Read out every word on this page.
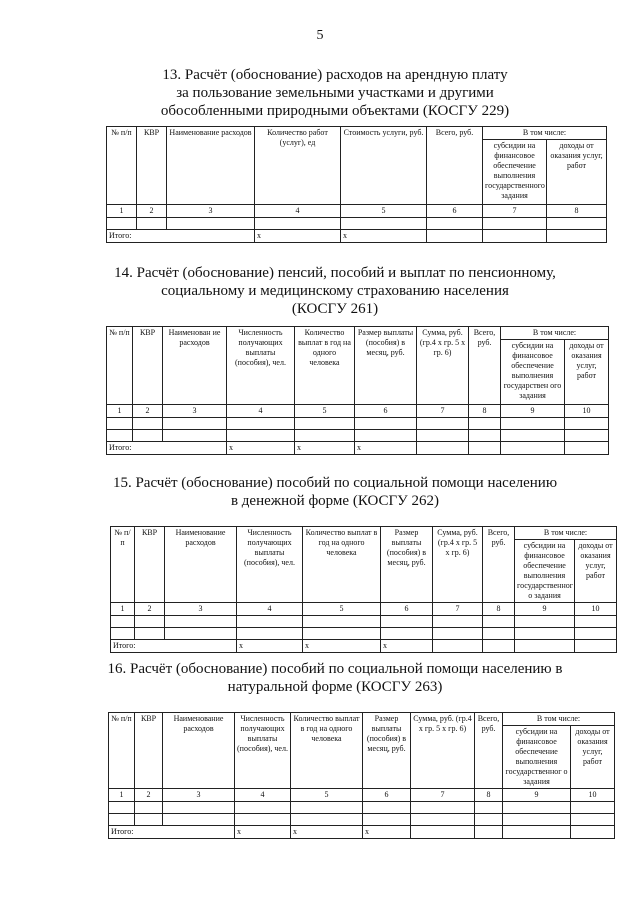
5
13. Расчёт (обоснование) расходов на арендную плату
за пользование земельными участками и другими
обособленными природными объектами (КОСГУ 229)
№ п/п	КВР	Наименование расходов	Количество работ (услуг), ед	Стоимость услуги, руб.	Всего, руб.	В том числе:	
						субсидии на финансовое обеспечение выполнения государственного задания	доходы от оказания услуг, работ
1	2	3	4	5	6	7	8

Итого:			x	x			
14. Расчёт (обоснование) пенсий, пособий и выплат по пенсионному,
социальному и медицинскому страхованию населения
(КОСГУ 261)
№ п/п	КВР	Наименован ие расходов	Численность получающих выплаты (пособия), чел.	Количество выплат в год на одного человека	Размер выплаты (пособия) в месяц, руб.	Сумма, руб. (гр.4 x гр. 5 x гр. 6)	Всего, руб.	В том числе:	
								субсидии на финансовое обеспечение выполнения государствен ого задания	доходы от оказания услуг, работ
1	2	3	4	5	6	7	8	9	10

Итого:			x	x	x				
15. Расчёт (обоснование) пособий по социальной помощи населению
в денежной форме (КОСГУ 262)
№ п/п	КВР	Наименование расходов	Численность получающих выплаты (пособия), чел.	Количество выплат в год на одного человека	Размер выплаты (пособия) в месяц, руб.	Сумма, руб. (гр.4 x гр. 5 x гр. 6)	Всего, руб.	В том числе:	
								субсидии на финансовое обеспечение выполнения государственног о задания	доходы от оказания услуг, работ
1	2	3	4	5	6	7	8	9	10

Итого:			x	x	x				
16. Расчёт (обоснование) пособий по социальной помощи населению в
натуральной форме (КОСГУ 263)
№ п/п	КВР	Наименование расходов	Численность получающих выплаты (пособия), чел.	Количество выплат в год на одного человека	Размер выплаты (пособия) в месяц, руб.	Сумма, руб. (гр.4 x гр. 5 x гр. 6)	Всего, руб.	В том числе:	
								субсидии на финансовое обеспечение выполнения государственног о задания	доходы от оказания услуг, работ
1	2	3	4	5	6	7	8	9	10

Итого:			x	x	x				
